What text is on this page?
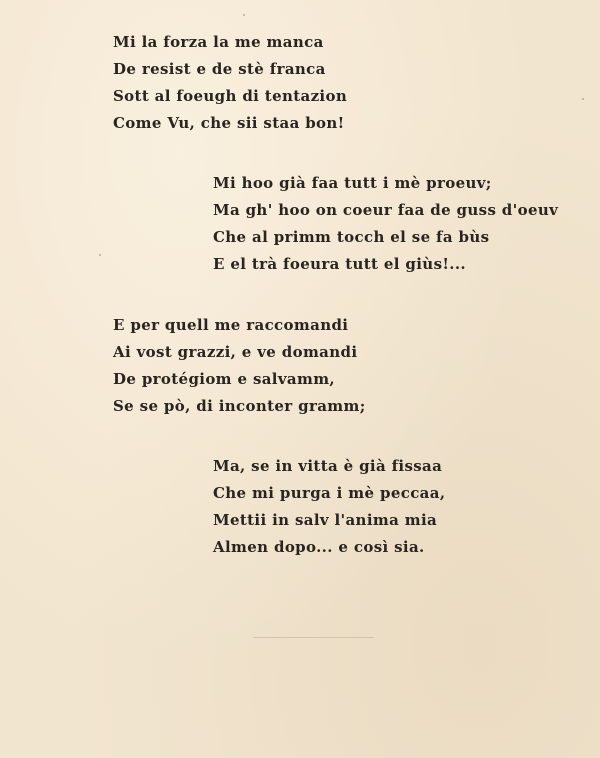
Mi la forza la me manca
De resist e de stè franca
Sott al foeugh di tentazion
Come Vu, che sii staa bon!
Mi hoo già faa tutt i mè proeuv;
Ma gh' hoo on coeur faa de guss d'oeuv
Che al primm tocch el se fa bùs
E el trà foeura tutt el giùs!...
E per quell me raccomandi
Ai vost grazzi, e ve domandi
De protégiom e salvamm,
Se se pò, di inconter gramm;
Ma, se in vitta è già fissaa
Che mi purga i mè peccaa,
Mettii in salv l'anima mia
Almen dopo... e così sia.
